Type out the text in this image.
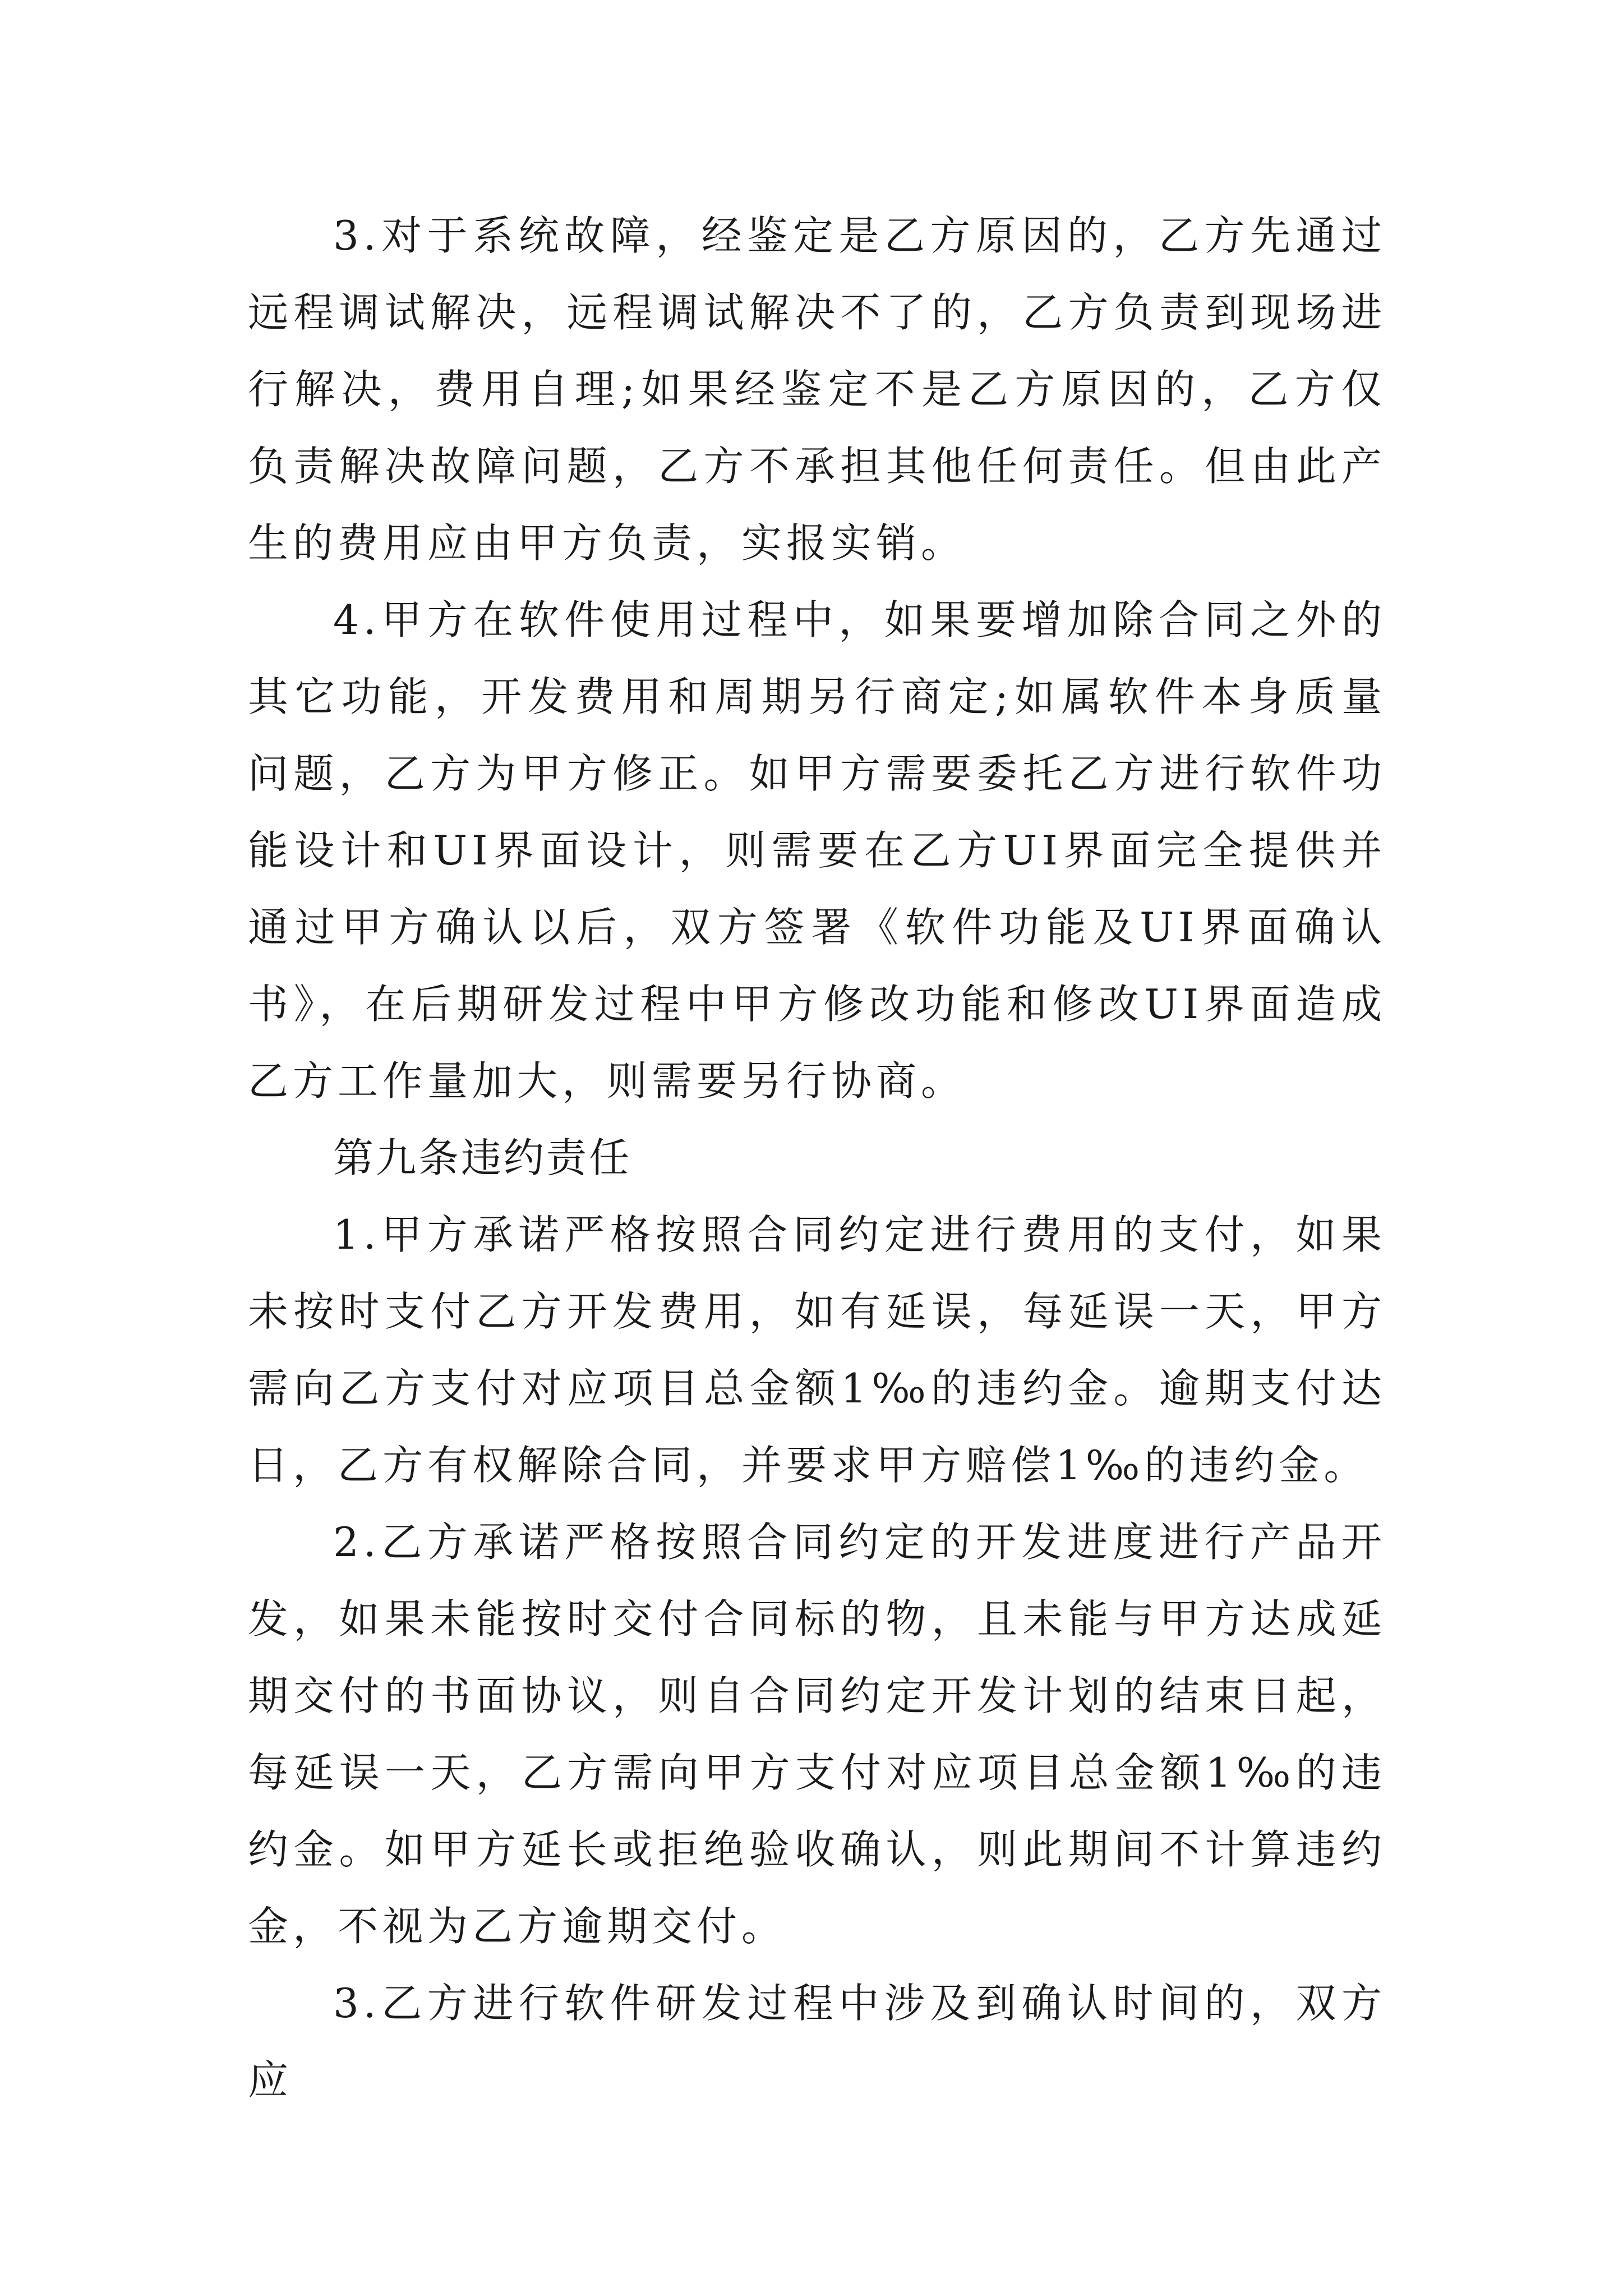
3.对于系统故障，经鉴定是乙方原因的，乙方先通过远程调试解决，远程调试解决不了的，乙方负责到现场进行解决，费用自理;如果经鉴定不是乙方原因的，乙方仅负责解决故障问题，乙方不承担其他任何责任。但由此产生的费用应由甲方负责，实报实销。

4.甲方在软件使用过程中，如果要增加除合同之外的其它功能，开发费用和周期另行商定;如属软件本身质量问题，乙方为甲方修正。如甲方需要委托乙方进行软件功能设计和UI界面设计，则需要在乙方UI界面完全提供并通过甲方确认以后，双方签署《软件功能及UI界面确认书》，在后期研发过程中甲方修改功能和修改UI界面造成乙方工作量加大，则需要另行协商。

第九条违约责任

1.甲方承诺严格按照合同约定进行费用的支付，如果未按时支付乙方开发费用，如有延误，每延误一天，甲方需向乙方支付对应项目总金额1‰的违约金。逾期支付达日，乙方有权解除合同，并要求甲方赔偿1‰的违约金。

2.乙方承诺严格按照合同约定的开发进度进行产品开发，如果未能按时交付合同标的物，且未能与甲方达成延期交付的书面协议，则自合同约定开发计划的结束日起，每延误一天，乙方需向甲方支付对应项目总金额1‰的违约金。如甲方延长或拒绝验收确认，则此期间不计算违约金，不视为乙方逾期交付。

3.乙方进行软件研发过程中涉及到确认时间的，双方应
